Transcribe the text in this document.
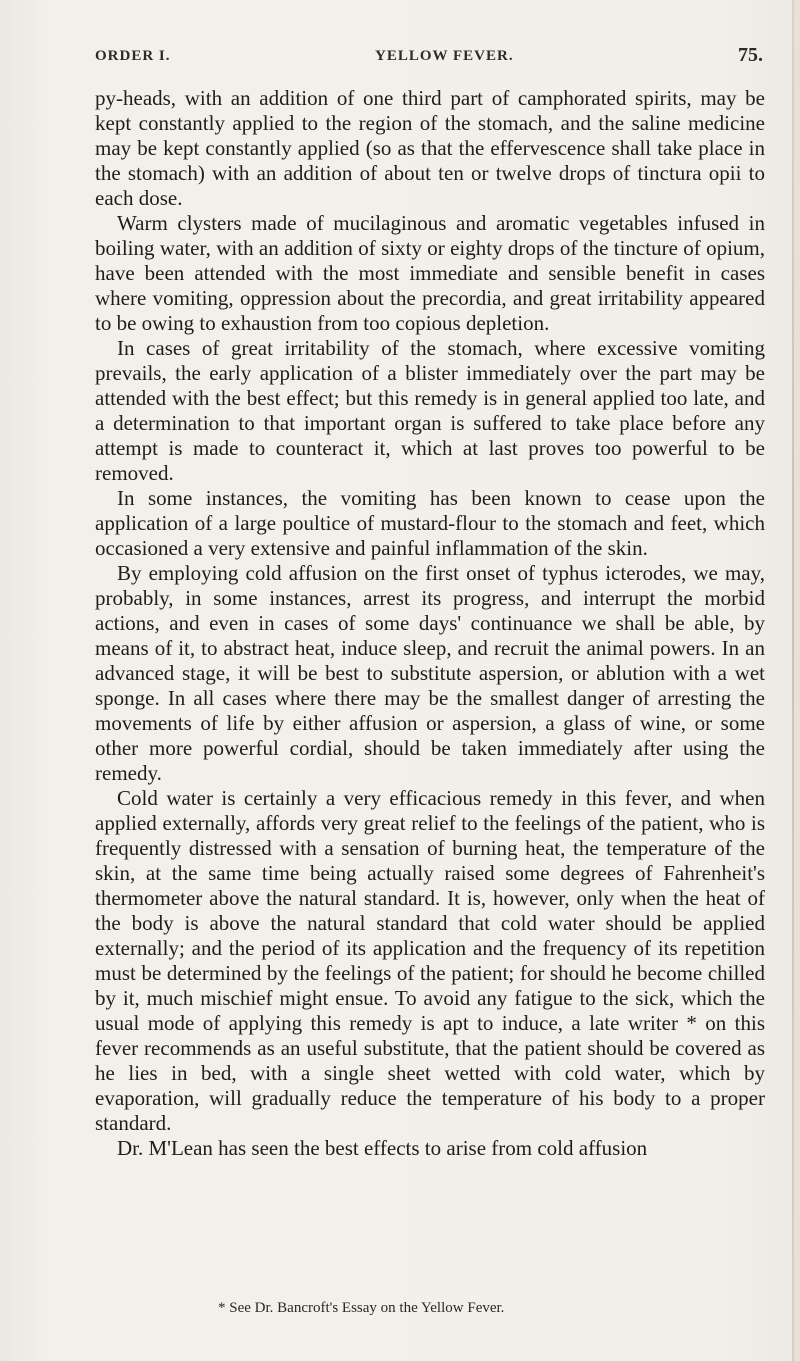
ORDER I.	YELLOW FEVER.	75.

py-heads, with an addition of one third part of camphorated spirits, may be kept constantly applied to the region of the stomach, and the saline medicine may be kept constantly applied (so as that the effervescence shall take place in the stomach) with an addition of about ten or twelve drops of tinctura opii to each dose.

Warm clysters made of mucilaginous and aromatic vegetables infused in boiling water, with an addition of sixty or eighty drops of the tincture of opium, have been attended with the most immediate and sensible benefit in cases where vomiting, oppression about the precordia, and great irritability appeared to be owing to exhaustion from too copious depletion.

In cases of great irritability of the stomach, where excessive vomiting prevails, the early application of a blister immediately over the part may be attended with the best effect; but this remedy is in general applied too late, and a determination to that important organ is suffered to take place before any attempt is made to counteract it, which at last proves too powerful to be removed.

In some instances, the vomiting has been known to cease upon the application of a large poultice of mustard-flour to the stomach and feet, which occasioned a very extensive and painful inflammation of the skin.

By employing cold affusion on the first onset of typhus icterodes, we may, probably, in some instances, arrest its progress, and interrupt the morbid actions, and even in cases of some days' continuance we shall be able, by means of it, to abstract heat, induce sleep, and recruit the animal powers. In an advanced stage, it will be best to substitute aspersion, or ablution with a wet sponge. In all cases where there may be the smallest danger of arresting the movements of life by either affusion or aspersion, a glass of wine, or some other more powerful cordial, should be taken immediately after using the remedy.

Cold water is certainly a very efficacious remedy in this fever, and when applied externally, affords very great relief to the feelings of the patient, who is frequently distressed with a sensation of burning heat, the temperature of the skin, at the same time being actually raised some degrees of Fahrenheit's thermometer above the natural standard. It is, however, only when the heat of the body is above the natural standard that cold water should be applied externally; and the period of its application and the frequency of its repetition must be determined by the feelings of the patient; for should he become chilled by it, much mischief might ensue. To avoid any fatigue to the sick, which the usual mode of applying this remedy is apt to induce, a late writer * on this fever recommends as an useful substitute, that the patient should be covered as he lies in bed, with a single sheet wetted with cold water, which by evaporation, will gradually reduce the temperature of his body to a proper standard.

Dr. M'Lean has seen the best effects to arise from cold affusion

* See Dr. Bancroft's Essay on the Yellow Fever.
